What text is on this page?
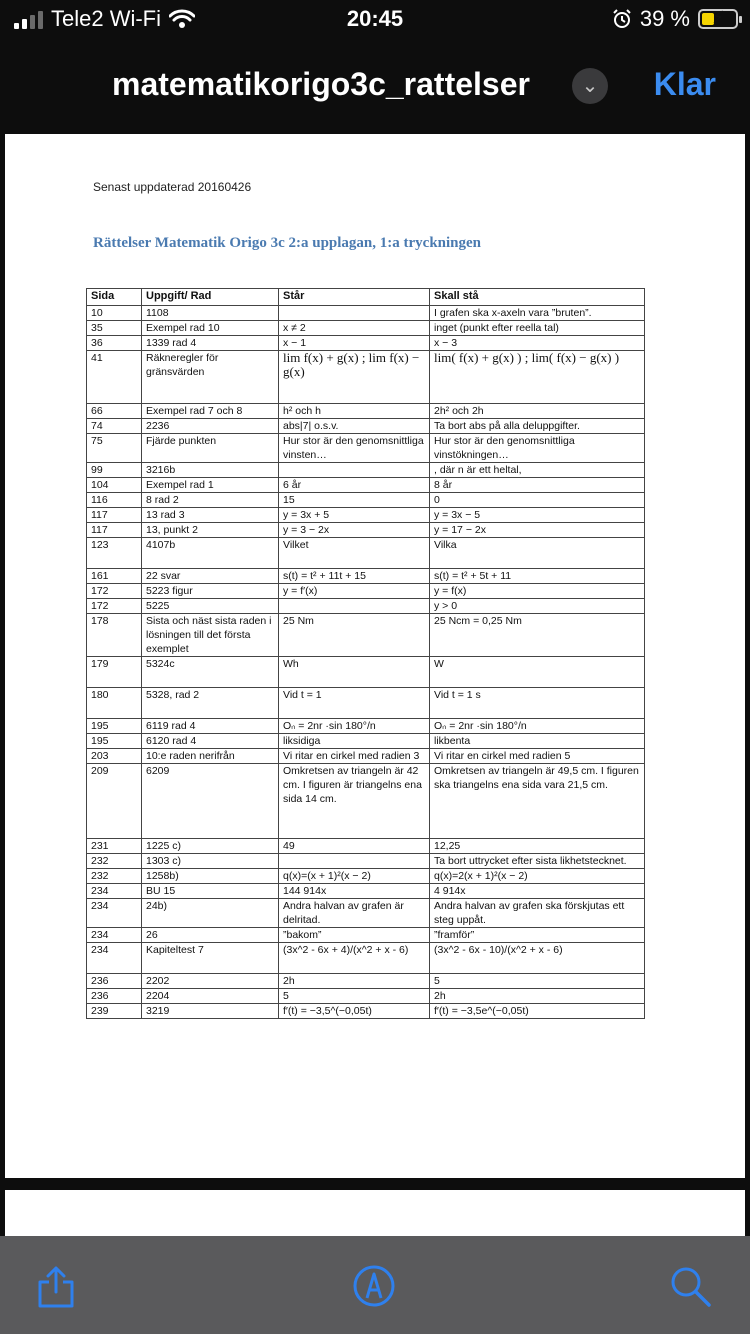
Tele2 Wi-Fi	20:45	39 %	⚡
matematikorigo3c_rattelser	⌄	Klar
Senast uppdaterad 20160426
Rättelser Matematik Origo 3c 2:a upplagan, 1:a tryckningen
Sida	Uppgift/ Rad	Står	Skall stå
10	1108		I grafen ska x-axeln vara ”bruten”.
35	Exempel rad 10	x ≠ 2	inget (punkt efter reella tal)
36	1339 rad 4	x − 1	x − 3
41	Räkneregler för gränsvärden	lim f(x) + g(x) ; lim f(x) − g(x)	lim( f(x) + g(x) ) ; lim( f(x) − g(x) )
66	Exempel rad 7 och 8	h² och h	2h² och 2h
74	2236	abs|7| o.s.v.	Ta bort abs på alla deluppgifter.
75	Fjärde punkten	Hur stor är den genomsnittliga vinsten…	Hur stor är den genomsnittliga vinstökningen…
99	3216b		, där n är ett heltal,
104	Exempel rad 1	6 år	8 år
116	8 rad 2	15	0
117	13 rad 3	y = 3x + 5	y = 3x − 5
117	13, punkt 2	y = 3 − 2x	y = 17 − 2x
123	4107b	Vilket	Vilka
161	22 svar	s(t) = t² + 11t + 15	s(t) = t² + 5t + 11
172	5223 figur	y = f′(x)	y = f(x)
172	5225		y > 0
178	Sista och näst sista raden i lösningen till det första exemplet	25 Nm	25 Ncm = 0,25 Nm
179	5324c	Wh	W
180	5328, rad 2	Vid t = 1	Vid t = 1 s
195	6119 rad 4	Oₙ = 2nr ·sin 180°/n	Oₙ = 2nr ·sin 180°/n
195	6120 rad 4	liksidiga	likbenta
203	10:e raden nerifrån	Vi ritar en cirkel med radien 3	Vi ritar en cirkel med radien 5
209	6209	Omkretsen av triangeln är 42 cm. I figuren är triangelns ena sida 14 cm.	Omkretsen av triangeln är 49,5 cm. I figuren ska triangelns ena sida vara 21,5 cm.
231	1225 c)	49	12,25
232	1303 c)		Ta bort uttrycket efter sista likhetstecknet.
232	1258b)	q(x)=(x + 1)²(x − 2)	q(x)=2(x + 1)²(x − 2)
234	BU 15	144 914x	4 914x
234	24b)	Andra halvan av grafen är delritad.	Andra halvan av grafen ska förskjutas ett steg uppåt.
234	26	”bakom”	”framför”
234	Kapiteltest 7	(3x^2 - 6x + 4)/(x^2 + x - 6)	(3x^2 - 6x - 10)/(x^2 + x - 6)
236	2202	2h	5
236	2204	5	2h
239	3219	f′(t) = −3,5^(−0,05t)	f′(t) = −3,5e^(−0,05t)
